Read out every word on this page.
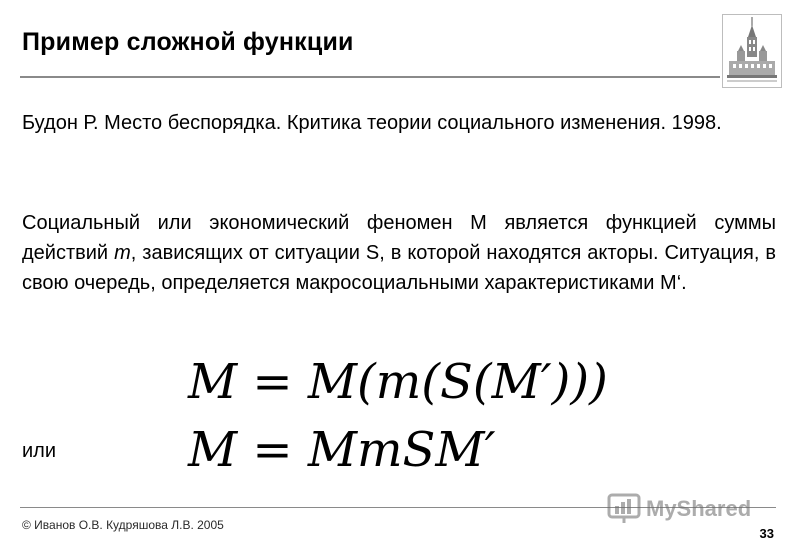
Пример сложной функции
Будон Р. Место беспорядка. Критика теории социального изменения. 1998.
Социальный или экономический феномен M является функцией суммы действий m, зависящих от ситуации S, в которой находятся акторы. Ситуация, в свою очередь, определяется макросоциальными характеристиками M‘.
M = M(m(S(M′)))
или	M = MmSM′
© Иванов О.В. Кудряшова Л.В. 2005
33
MyShared
